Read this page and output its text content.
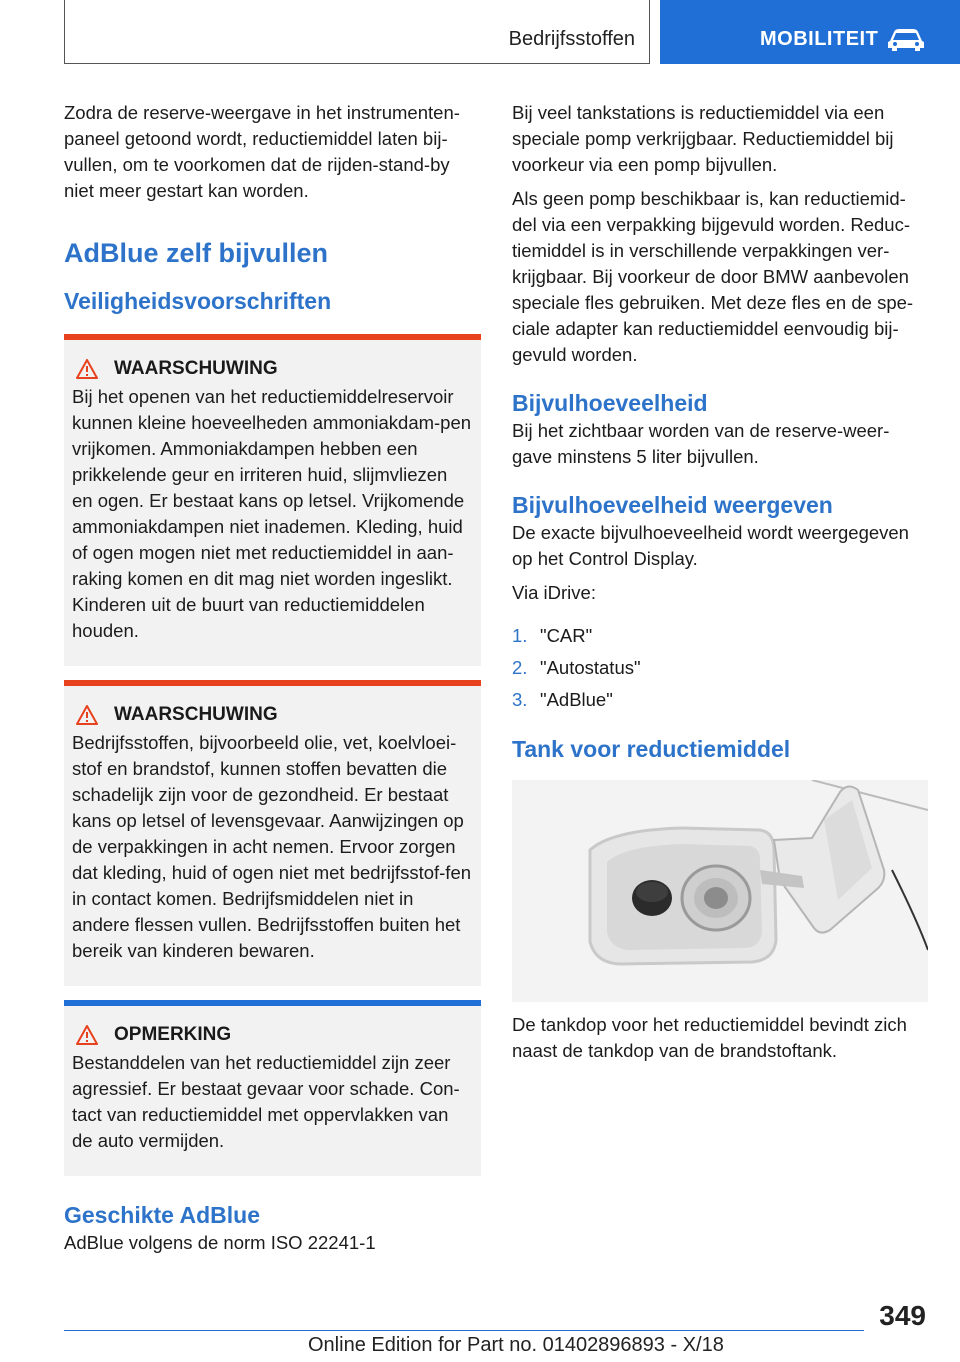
Bedrijfsstoffen	MOBILITEIT

Zodra de reserve-weergave in het instrumenten-paneel getoond wordt, reductiemiddel laten bij-vullen, om te voorkomen dat de rijden-stand-by niet meer gestart kan worden.

AdBlue zelf bijvullen
Veiligheidsvoorschriften
WAARSCHUWING

Bij het openen van het reductiemiddelreservoir kunnen kleine hoeveelheden ammoniakdam-pen vrijkomen. Ammoniakdampen hebben een prikkelende geur en irriteren huid, slijmvliezen en ogen. Er bestaat kans op letsel. Vrijkomende ammoniakdampen niet inademen. Kleding, huid of ogen mogen niet met reductiemiddel in aan-raking komen en dit mag niet worden ingeslikt. Kinderen uit de buurt van reductiemiddelen houden.

WAARSCHUWING

Bedrijfsstoffen, bijvoorbeeld olie, vet, koelvloei-stof en brandstof, kunnen stoffen bevatten die schadelijk zijn voor de gezondheid. Er bestaat kans op letsel of levensgevaar. Aanwijzingen op de verpakkingen in acht nemen. Ervoor zorgen dat kleding, huid of ogen niet met bedrijfsstof-fen in contact komen. Bedrijfsmiddelen niet in andere flessen vullen. Bedrijfsstoffen buiten het bereik van kinderen bewaren.

OPMERKING

Bestanddelen van het reductiemiddel zijn zeer agressief. Er bestaat gevaar voor schade. Con-tact van reductiemiddel met oppervlakken van de auto vermijden.

Geschikte AdBlue

AdBlue volgens de norm ISO 22241-1

Bij veel tankstations is reductiemiddel via een speciale pomp verkrijgbaar. Reductiemiddel bij voorkeur via een pomp bijvullen.

Als geen pomp beschikbaar is, kan reductiemid-del via een verpakking bijgevuld worden. Reduc-tiemiddel is in verschillende verpakkingen ver-krijgbaar. Bij voorkeur de door BMW aanbevolen speciale fles gebruiken. Met deze fles en de spe-ciale adapter kan reductiemiddel eenvoudig bij-gevuld worden.

Bijvulhoeveelheid

Bij het zichtbaar worden van de reserve-weer-gave minstens 5 liter bijvullen.

Bijvulhoeveelheid weergeven

De exacte bijvulhoeveelheid wordt weergegeven op het Control Display.

Via iDrive:

1. "CAR"
2. "Autostatus"
3. "AdBlue"
Tank voor reductiemiddel

De tankdop voor het reductiemiddel bevindt zich naast de tankdop van de brandstoftank.

349
Online Edition for Part no. 01402896893 - X/18
